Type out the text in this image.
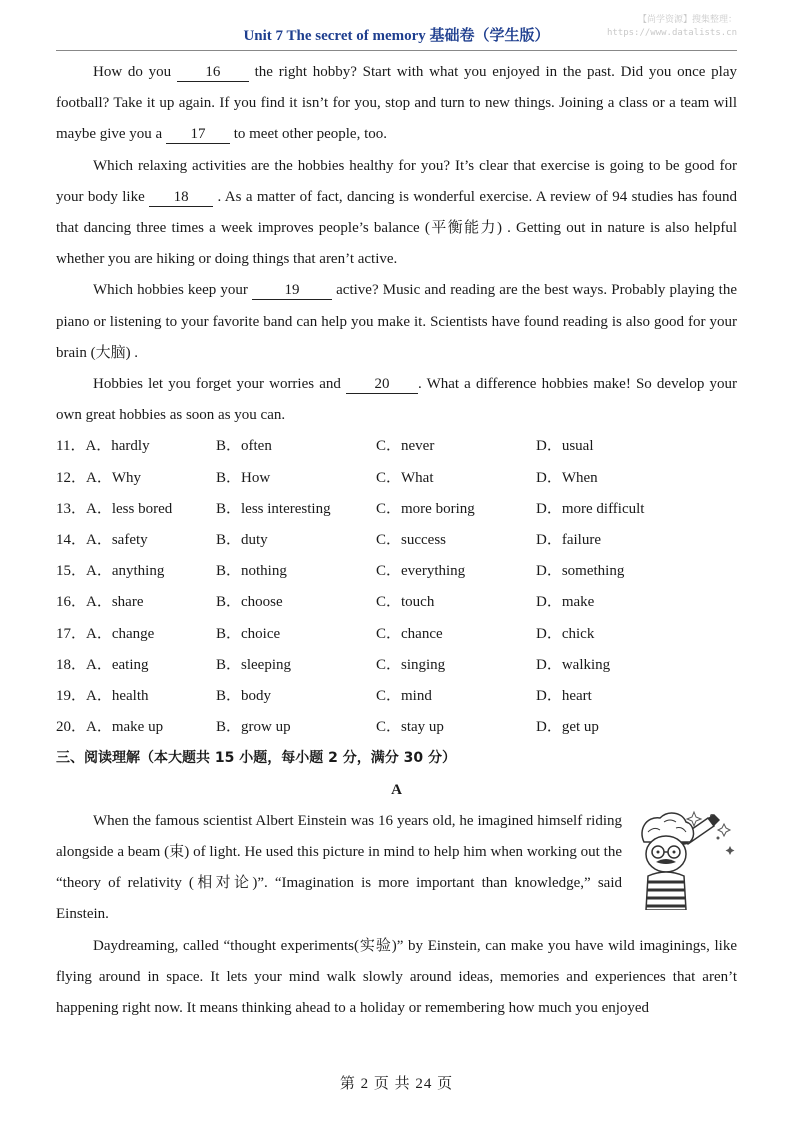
Unit 7 The secret of memory 基础卷（学生版）
【尚学资源】搜集整理：
https://www.datalists.cn

How do you 16 the right hobby? Start with what you enjoyed in the past. Did you once play football? Take it up again. If you find it isn’t for you, stop and turn to new things. Joining a class or a team will maybe give you a 17 to meet other people, too.

Which relaxing activities are the hobbies healthy for you? It’s clear that exercise is going to be good for your body like 18 . As a matter of fact, dancing is wonderful exercise. A review of 94 studies has found that dancing three times a week improves people’s balance (平衡能力) . Getting out in nature is also helpful whether you are hiking or doing things that aren’t active.

Which hobbies keep your 19 active? Music and reading are the best ways. Probably playing the piano or listening to your favorite band can help you make it. Scientists have found reading is also good for your brain (大脑) .

Hobbies let you forget your worries and 20 . What a difference hobbies make! So develop your own great hobbies as soon as you can.

11．A．hardly	B．often	C．never	D．usual
12．A．Why	B．How	C．What	D．When
13．A．less bored	B．less interesting	C．more boring	D．more difficult
14．A．safety	B．duty	C．success	D．failure
15．A．anything	B．nothing	C．everything	D．something
16．A．share	B．choose	C．touch	D．make
17．A．change	B．choice	C．chance	D．chick
18．A．eating	B．sleeping	C．singing	D．walking
19．A．health	B．body	C．mind	D．heart
20．A．make up	B．grow up	C．stay up	D．get up
三、阅读理解（本大题共 15 小题，每小题 2 分，满分 30 分）
A

When the famous scientist Albert Einstein was 16 years old, he imagined himself riding alongside a beam (束) of light. He used this picture in mind to help him when working out the “theory of relativity (相对论)”. “Imagination is more important than knowledge,” said Einstein.

Daydreaming, called “thought experiments(实验)” by Einstein, can make you have wild imaginings, like flying around in space. It lets your mind walk slowly around ideas, memories and experiences that aren’t happening right now. It means thinking ahead to a holiday or remembering how much you enjoyed

第 2 页 共 24 页
